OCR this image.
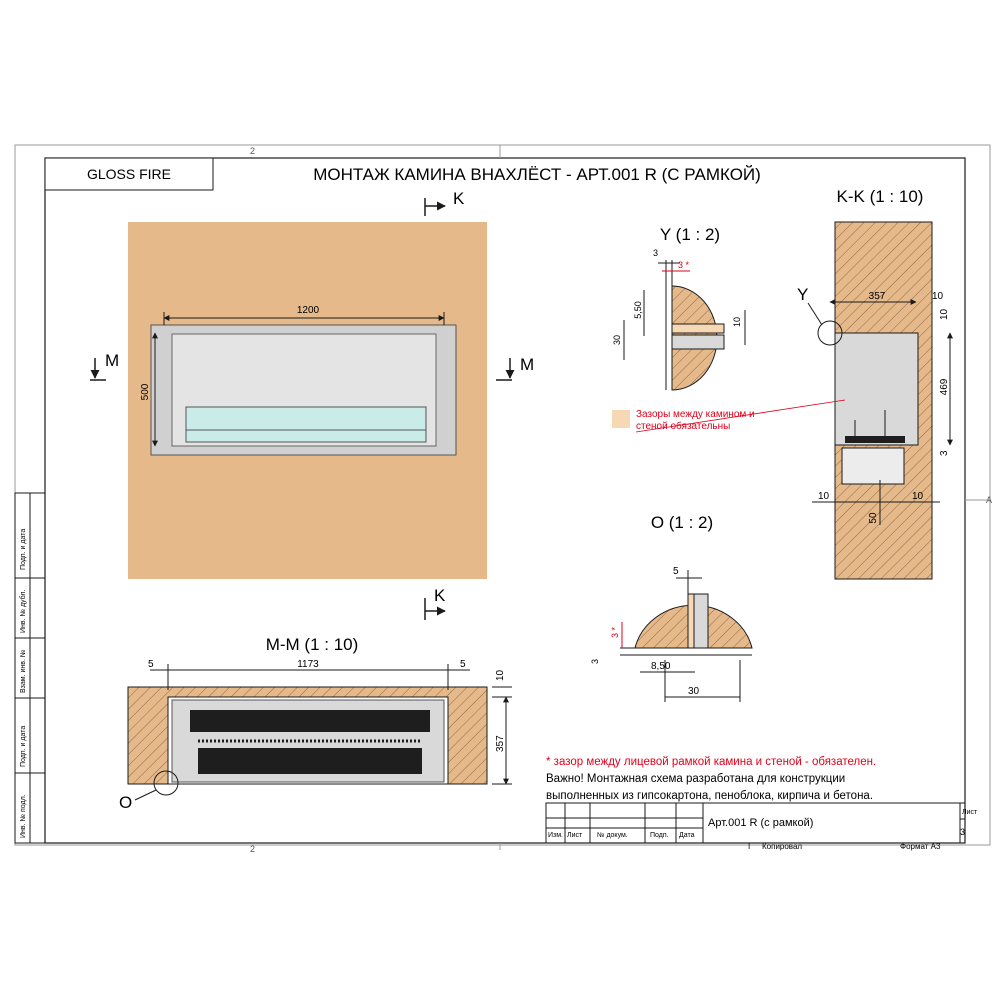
2
2
A
Подп. и дата
Инв. № дубл.
Взам. инв. №
Подп. и дата
Инв. № подл.
GLOSS FIRE	МОНТАЖ КАМИНА ВНАХЛЁСТ - АРТ.001 R (С РАМКОЙ)
1200
500
K
K
M	M
M-M (1 : 10)
5	1173	5
10
357
O
Y (1 : 2)
3
3 *
5,50
30
10
K-K (1 : 10)
357	10
469
10
3
10	10
50
Y
Зазоры между камином и
стеной обязательны
O (1 : 2)
5
3 *
3	8,50
30
* зазор между лицевой рамкой камина и стеной - обязателен.
Важно! Монтажная схема разработана для конструкции
выполненных из гипсокартона, пеноблока, кирпича и бетона.
Изм. Лист № докум.	Подп. Дата
Арт.001 R (с рамкой)
Лист
3
I Копировал	Формат А3
